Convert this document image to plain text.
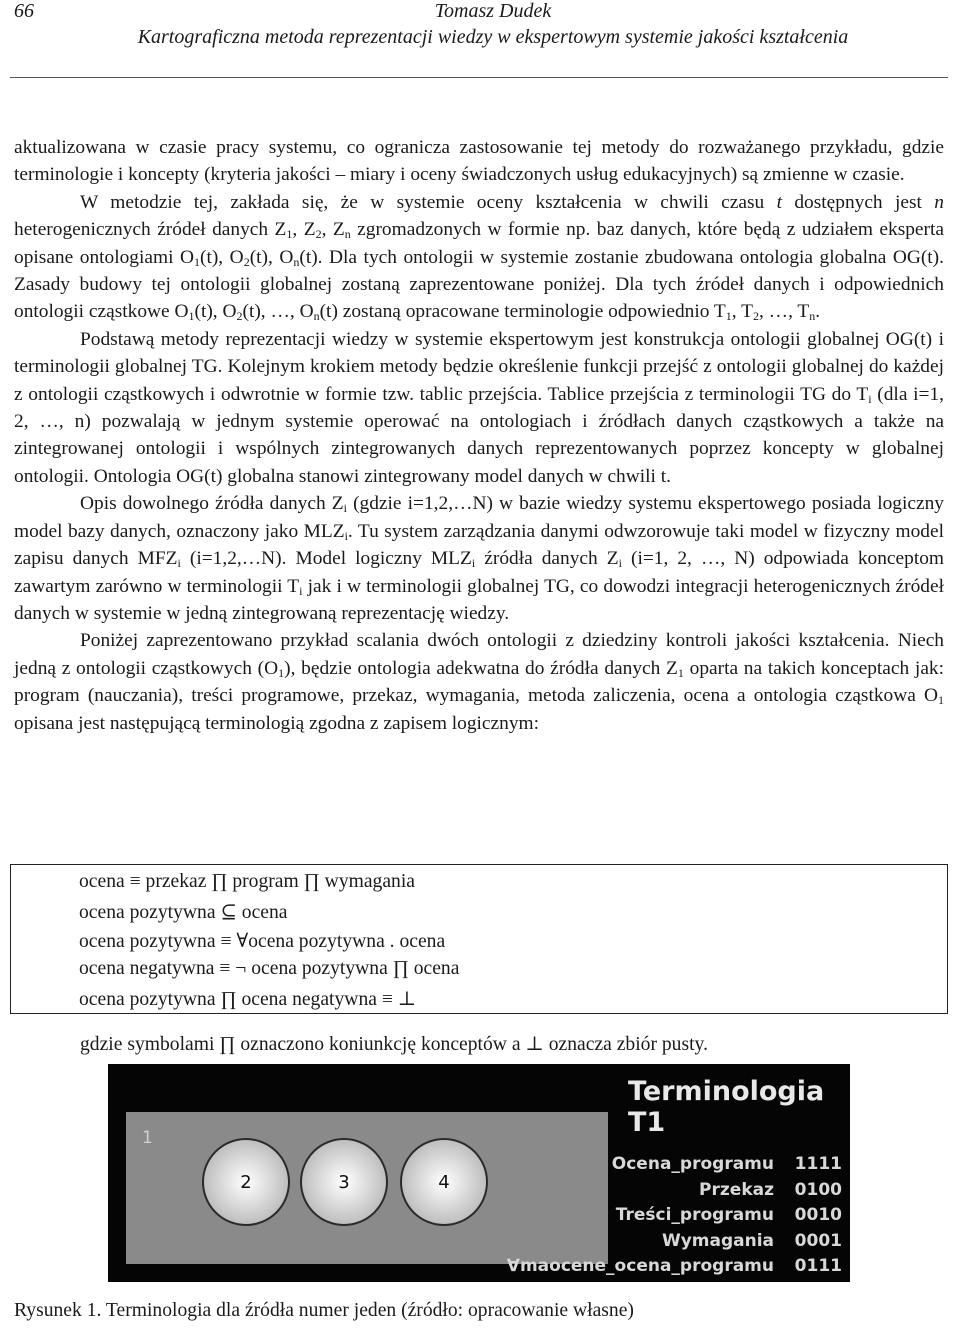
66	Tomasz Dudek
Kartograficzna metoda reprezentacji wiedzy w ekspertowym systemie jakości kształcenia

aktualizowana w czasie pracy systemu, co ogranicza zastosowanie tej metody do rozważanego przykładu, gdzie terminologie i koncepty (kryteria jakości – miary i oceny świadczonych usług edukacyjnych) są zmienne w czasie.

W metodzie tej, zakłada się, że w systemie oceny kształcenia w chwili czasu t dostępnych jest n heterogenicznych źródeł danych $Z_1$, $Z_2$, $Z_n$ zgromadzonych w formie np. baz danych, które będą z udziałem eksperta opisane ontologiami $O_1(t)$, $O_2(t)$, $O_n(t)$. Dla tych ontologii w systemie zostanie zbudowana ontologia globalna OG(t). Zasady budowy tej ontologii globalnej zostaną zaprezentowane poniżej. Dla tych źródeł danych i odpowiednich ontologii cząstkowe $O_1(t)$, $O_2(t)$, …, $O_n(t)$ zostaną opracowane terminologie odpowiednio $T_1$, $T_2$, …, $T_n$.

Podstawą metody reprezentacji wiedzy w systemie ekspertowym jest konstrukcja ontologii globalnej OG(t) i terminologii globalnej TG. Kolejnym krokiem metody będzie określenie funkcji przejść z ontologii globalnej do każdej z ontologii cząstkowych i odwrotnie w formie tzw. tablic przejścia. Tablice przejścia z terminologii TG do $T_i$ (dla i=1, 2, …, n) pozwalają w jednym systemie operować na ontologiach i źródłach danych cząstkowych a także na zintegrowanej ontologii i wspólnych zintegrowanych danych reprezentowanych poprzez koncepty w globalnej ontologii. Ontologia OG(t) globalna stanowi zintegrowany model danych w chwili t.

Opis dowolnego źródła danych $Z_i$ (gdzie i=1,2,…N) w bazie wiedzy systemu ekspertowego posiada logiczny model bazy danych, oznaczony jako $MLZ_i$. Tu system zarządzania danymi odwzorowuje taki model w fizyczny model zapisu danych $MFZ_i$ (i=1,2,…N). Model logiczny $MLZ_i$ źródła danych $Z_i$ (i=1, 2, …, N) odpowiada konceptom zawartym zarówno w terminologii $T_i$ jak i w terminologii globalnej TG, co dowodzi integracji heterogenicznych źródeł danych w systemie w jedną zintegrowaną reprezentację wiedzy.

Poniżej zaprezentowano przykład scalania dwóch ontologii z dziedziny kontroli jakości kształcenia. Niech jedną z ontologii cząstkowych $(O_1)$, będzie ontologia adekwatna do źródła danych $Z_1$ oparta na takich konceptach jak: program (nauczania), treści programowe, przekaz, wymagania, metoda zaliczenia, ocena a ontologia cząstkowa $O_1$ opisana jest następującą terminologią zgodna z zapisem logicznym:

ocena ≡ przekaz ∏ program ∏ wymagania
ocena pozytywna ⊆ ocena
ocena pozytywna ≡ ∀ocena pozytywna . ocena
ocena negatywna ≡ ¬ ocena pozytywna ∏ ocena
ocena pozytywna ∏ ocena negatywna ≡ ⊥
gdzie symbolami ∏ oznaczono koniunkcję konceptów a ⊥ oznacza zbiór pusty.
2	3	4
1
Terminologia T1
Ocena_programu 1111
Przekaz 0100
Treści_programu 0010
Wymagania 0001
∀maocene_ocena_programu 0111
Rysunek 1. Terminologia dla źródła numer jeden (źródło: opracowanie własne)
